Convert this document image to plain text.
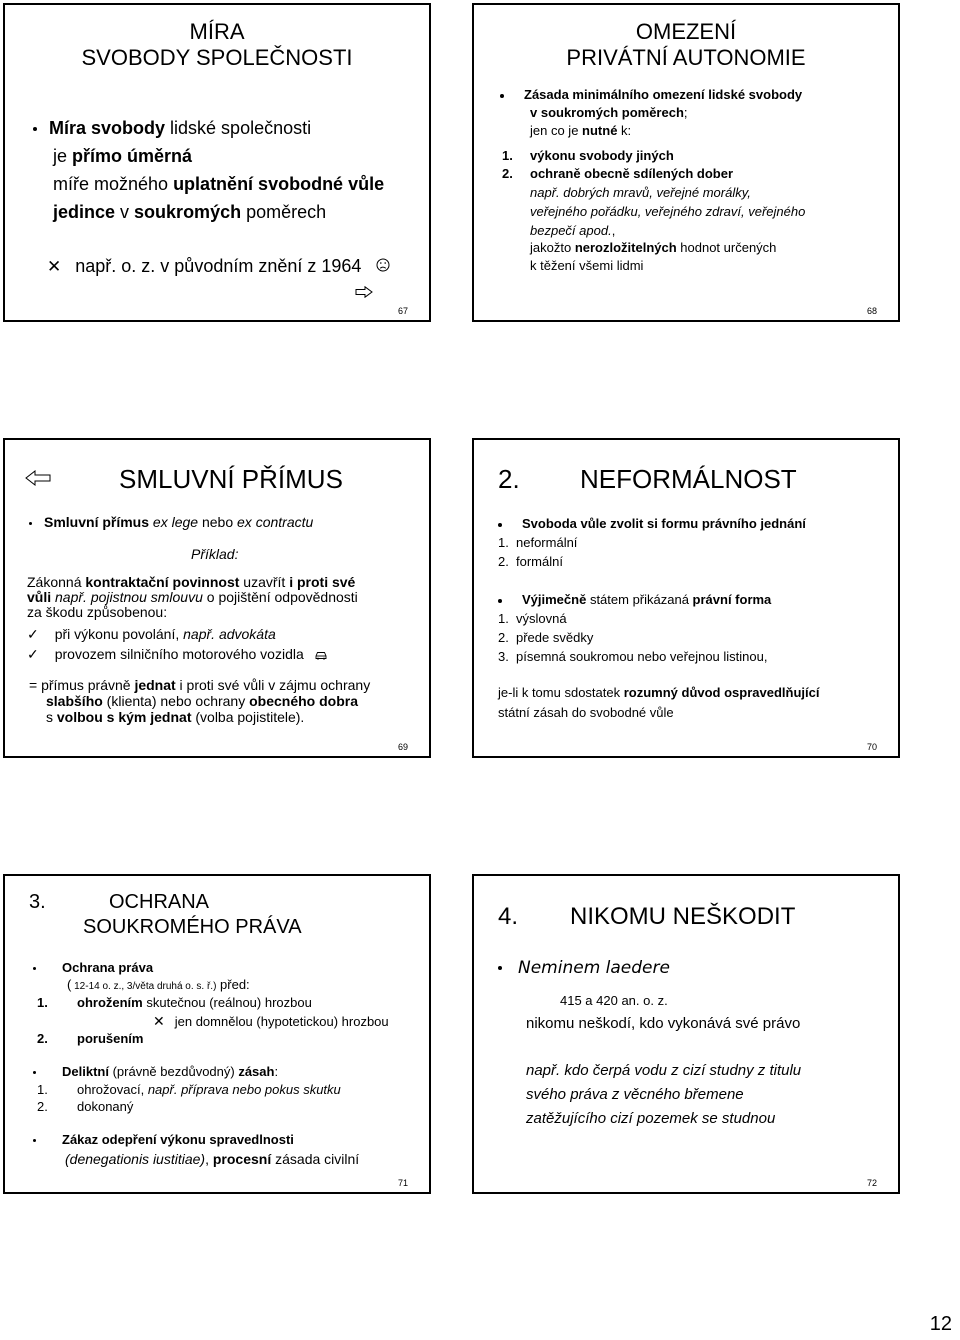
MÍRA
SVOBODY SPOLEČNOSTI
Míra svobody lidské společnosti
je přímo úměrná
míře možného uplatnění svobodné vůle
jedince v soukromých poměrech
✕ např. o. z. v původním znění z 1964
67
OMEZENÍ
PRIVÁTNÍ AUTONOMIE
Zásada minimálního omezení lidské svobody
v soukromých poměrech;
jen co je nutné k:
1. výkonu svobody jiných
2. ochraně obecně sdílených dober
např. dobrých mravů, veřejné morálky,
veřejného pořádku, veřejného zdraví, veřejného
bezpečí apod.,
jakožto nerozložitelných hodnot určených
k těžení všemi lidmi
68
SMLUVNÍ PŘÍMUS
Smluvní přímus ex lege nebo ex contractu
Příklad:
Zákonná kontraktační povinnost uzavřít i proti své
vůli např. pojistnou smlouvu o pojištění odpovědnosti
za škodu způsobenou:
✓ při výkonu povolání, např. advokáta
✓ provozem silničního motorového vozidla
= přímus právně jednat i proti své vůli v zájmu ochrany
slabšího (klienta) nebo ochrany obecného dobra
s volbou s kým jednat (volba pojistitele).
69
2. NEFORMÁLNOST
Svoboda vůle zvolit si formu právního jednání
1. neformální
2. formální
Výjimečně státem přikázaná právní forma
1. výslovná
2. přede svědky
3. písemná soukromou nebo veřejnou listinou,
je-li k tomu sdostatek rozumný důvod ospravedlňující
státní zásah do svobodné vůle
70
3.	OCHRANA
SOUKROMÉHO PRÁVA
Ochrana práva
( 12-14 o. z., 3/věta druhá o. s. ř.) před:
1. ohrožením skutečnou (reálnou) hrozbou
✕ jen domnělou (hypotetickou) hrozbou
2. porušením
Deliktní (právně bezdůvodný) zásah:
1. ohrožovací, např. příprava nebo pokus skutku
2. dokonaný
Zákaz odepření výkonu spravedlnosti
(denegationis iustitiae), procesní zásada civilní
71
4. NIKOMU NEŠKODIT
Neminem laedere
415 a 420 an. o. z.
nikomu neškodí, kdo vykonává své právo
např. kdo čerpá vodu z cizí studny z titulu
svého práva z věcného břemene
zatěžujícího cizí pozemek se studnou
72
12
